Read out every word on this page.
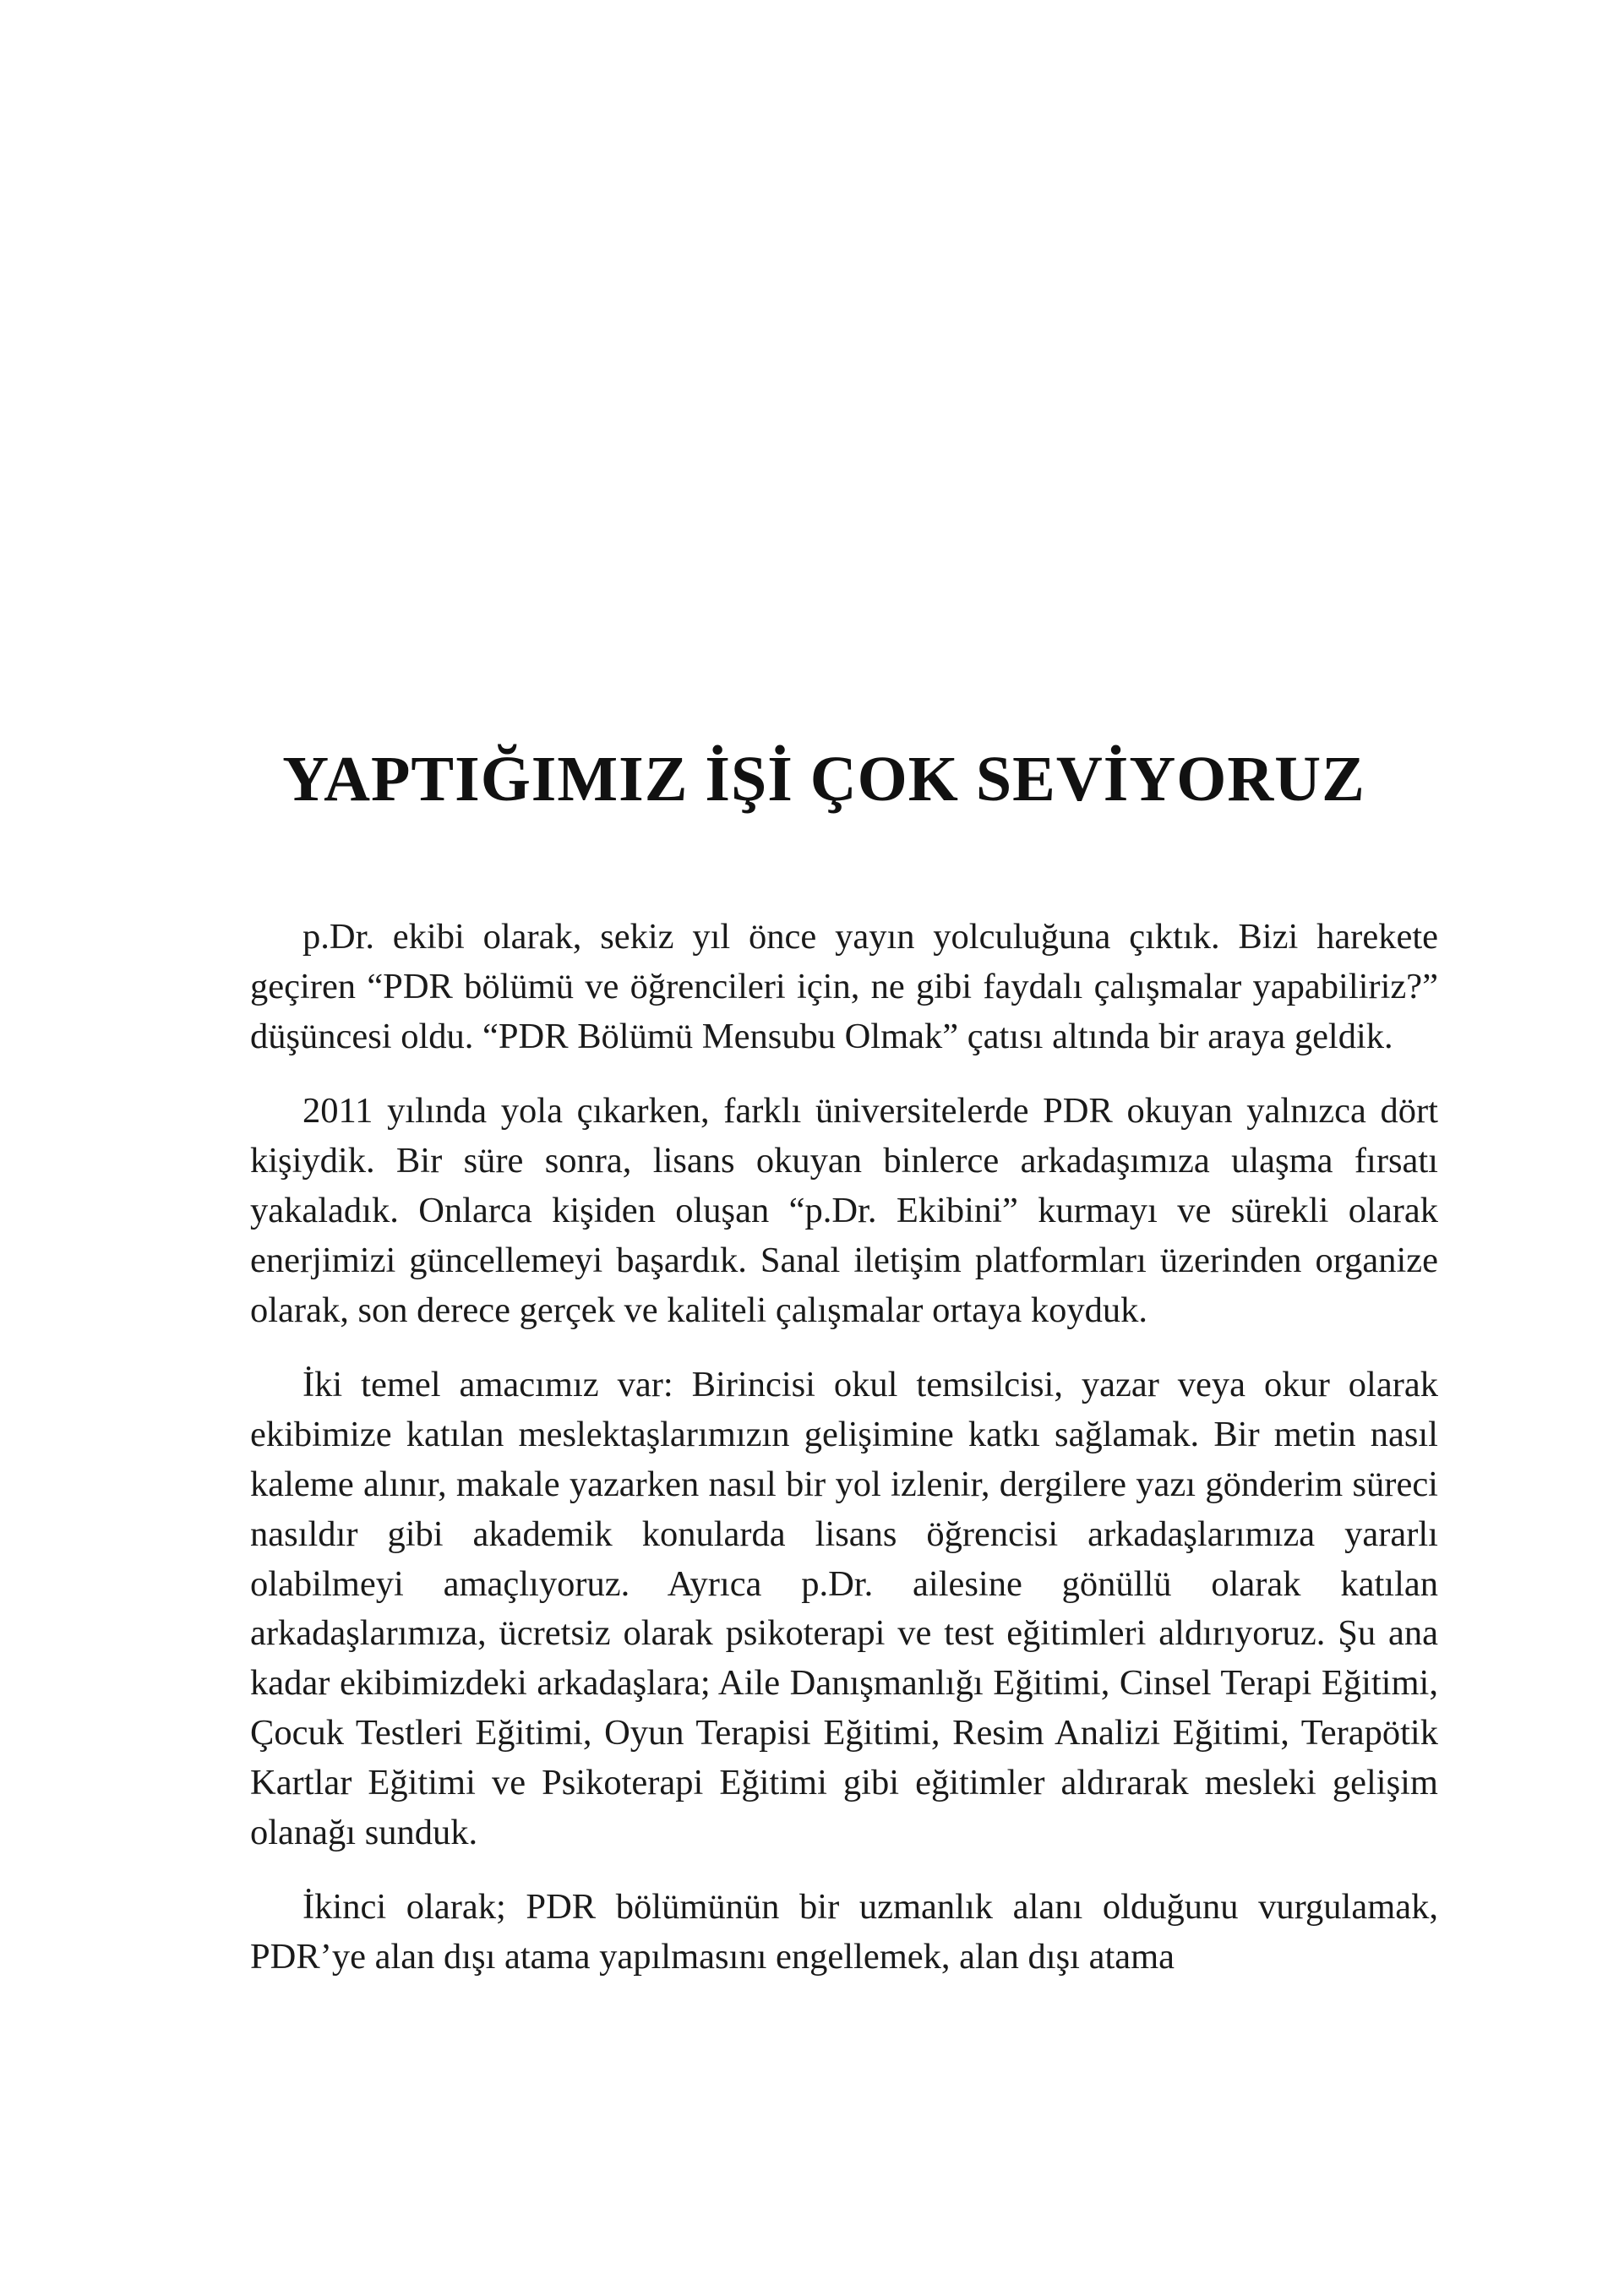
YAPTIĞIMIZ İŞİ ÇOK SEVİYORUZ

p.Dr. ekibi olarak, sekiz yıl önce yayın yolculuğuna çıktık. Bizi harekete geçiren “PDR bölümü ve öğrencileri için, ne gibi faydalı çalışmalar yapabiliriz?” düşüncesi oldu. “PDR Bölümü Mensubu Olmak” çatısı altında bir araya geldik.

2011 yılında yola çıkarken, farklı üniversitelerde PDR okuyan yalnızca dört kişiydik. Bir süre sonra, lisans okuyan binlerce arkadaşımıza ulaşma fırsatı yakaladık. Onlarca kişiden oluşan “p.Dr. Ekibini” kurmayı ve sürekli olarak enerjimizi güncellemeyi başardık. Sanal iletişim platformları üzerinden organize olarak, son derece gerçek ve kaliteli çalışmalar ortaya koyduk.

İki temel amacımız var: Birincisi okul temsilcisi, yazar veya okur olarak ekibimize katılan meslektaşlarımızın gelişimine katkı sağlamak. Bir metin nasıl kaleme alınır, makale yazarken nasıl bir yol izlenir, dergilere yazı gönderim süreci nasıldır gibi akademik konularda lisans öğrencisi arkadaşlarımıza yararlı olabilmeyi amaçlıyoruz. Ayrıca p.Dr. ailesine gönüllü olarak katılan arkadaşlarımıza, ücretsiz olarak psikoterapi ve test eğitimleri aldırıyoruz. Şu ana kadar ekibimizdeki arkadaşlara; Aile Danışmanlığı Eğitimi, Cinsel Terapi Eğitimi, Çocuk Testleri Eğitimi, Oyun Terapisi Eğitimi, Resim Analizi Eğitimi, Terapötik Kartlar Eğitimi ve Psikoterapi Eğitimi gibi eğitimler aldırarak mesleki gelişim olanağı sunduk.

İkinci olarak; PDR bölümünün bir uzmanlık alanı olduğunu vurgulamak, PDR’ye alan dışı atama yapılmasını engellemek, alan dışı atama
